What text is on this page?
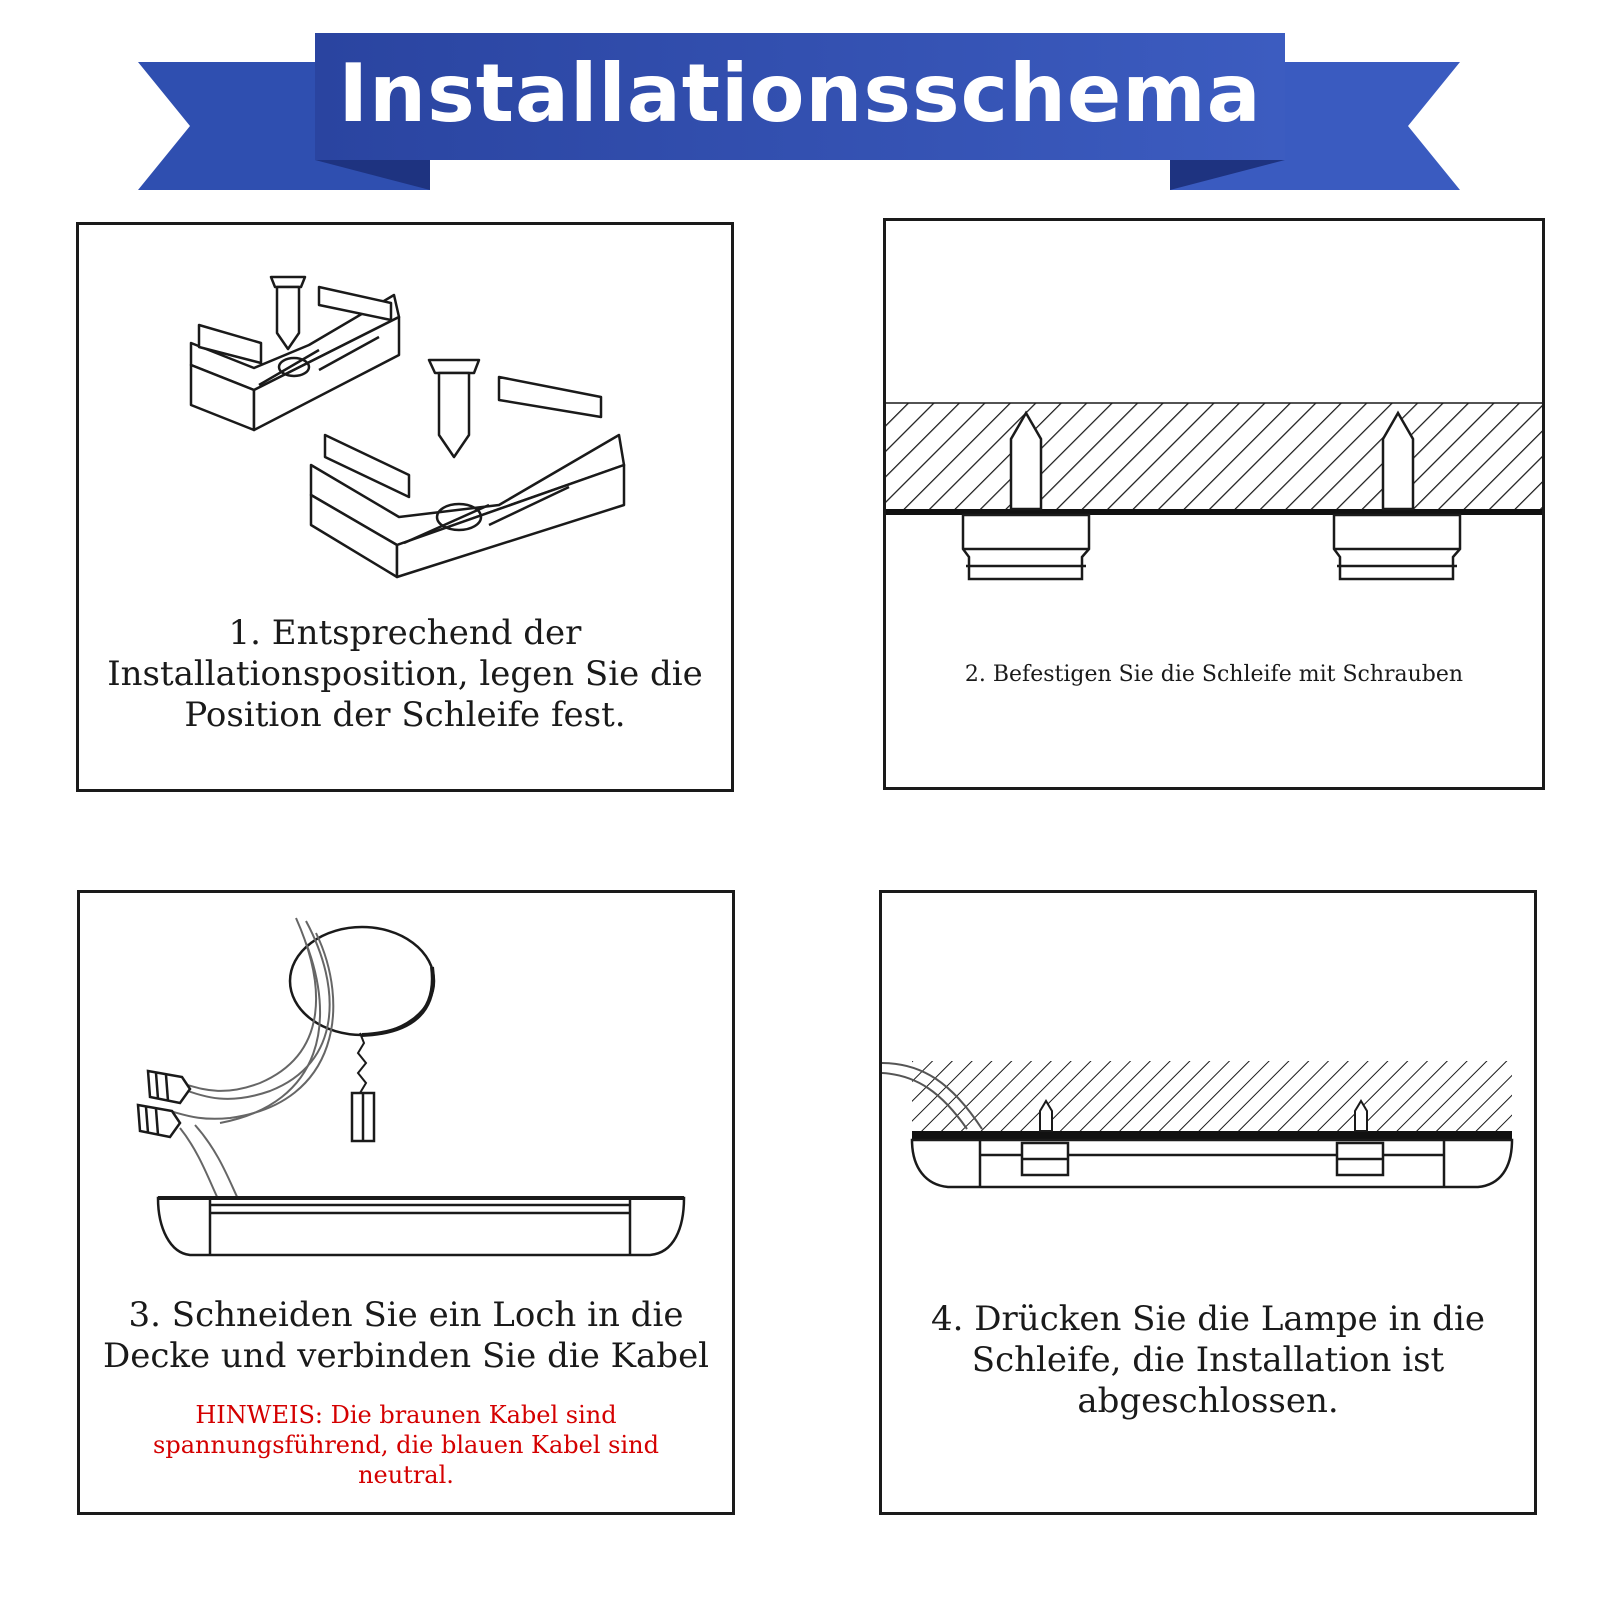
Installationsschema
1. Entsprechend der Installationsposition, legen Sie die Position der Schleife fest.
2. Befestigen Sie die Schleife mit Schrauben
3. Schneiden Sie ein Loch in die Decke und verbinden Sie die Kabel
HINWEIS: Die braunen Kabel sind spannungsführend, die blauen Kabel sind neutral.
4. Drücken Sie die Lampe in die Schleife, die Installation ist abgeschlossen.
